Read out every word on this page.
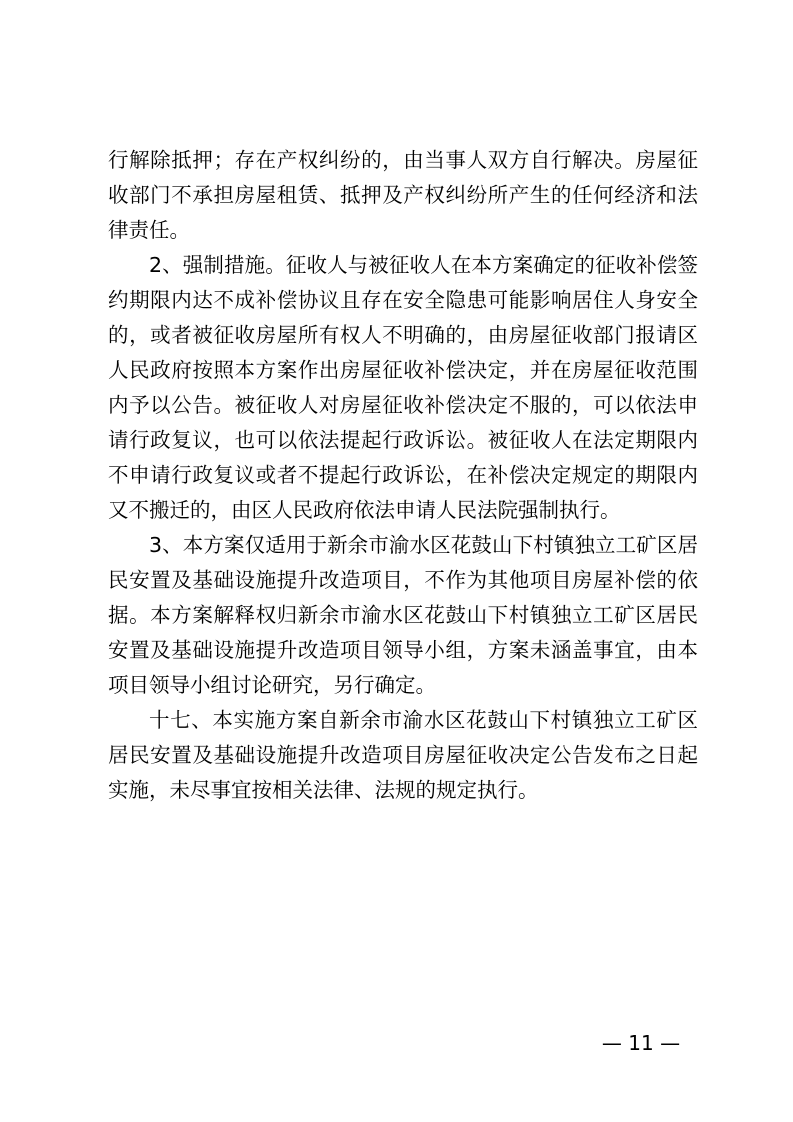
行解除抵押；存在产权纠纷的，由当事人双方自行解决。房屋征收部门不承担房屋租赁、抵押及产权纠纷所产生的任何经济和法律责任。

2、强制措施。征收人与被征收人在本方案确定的征收补偿签约期限内达不成补偿协议且存在安全隐患可能影响居住人身安全的，或者被征收房屋所有权人不明确的，由房屋征收部门报请区人民政府按照本方案作出房屋征收补偿决定，并在房屋征收范围内予以公告。被征收人对房屋征收补偿决定不服的，可以依法申请行政复议，也可以依法提起行政诉讼。被征收人在法定期限内不申请行政复议或者不提起行政诉讼，在补偿决定规定的期限内又不搬迁的，由区人民政府依法申请人民法院强制执行。

3、本方案仅适用于新余市渝水区花鼓山下村镇独立工矿区居民安置及基础设施提升改造项目，不作为其他项目房屋补偿的依据。本方案解释权归新余市渝水区花鼓山下村镇独立工矿区居民安置及基础设施提升改造项目领导小组，方案未涵盖事宜，由本项目领导小组讨论研究，另行确定。

十七、本实施方案自新余市渝水区花鼓山下村镇独立工矿区居民安置及基础设施提升改造项目房屋征收决定公告发布之日起实施，未尽事宜按相关法律、法规的规定执行。

— 11 —
